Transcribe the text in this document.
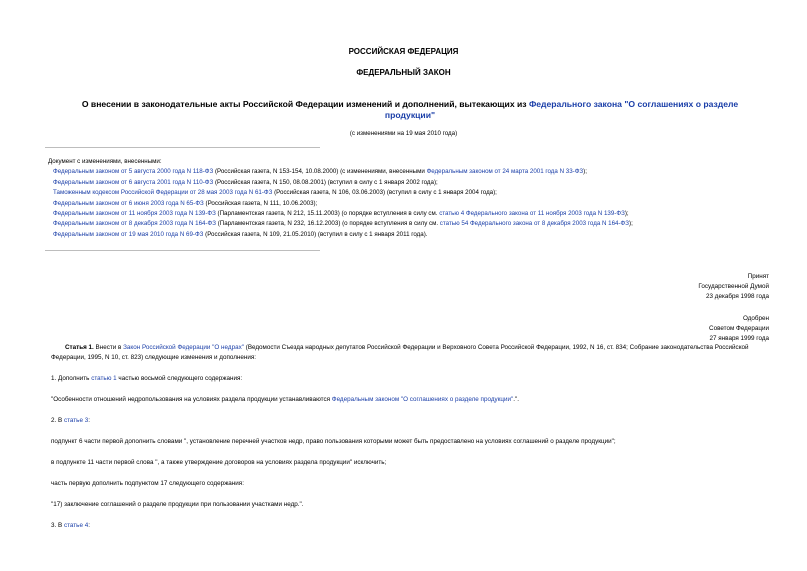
РОССИЙСКАЯ ФЕДЕРАЦИЯ
ФЕДЕРАЛЬНЫЙ ЗАКОН
О внесении в законодательные акты Российской Федерации изменений и дополнений, вытекающих из Федерального закона "О соглашениях о разделе продукции"
(с изменениями на 19 мая 2010 года)
Документ с изменениями, внесенными:
Федеральным законом от 5 августа 2000 года N 118-ФЗ (Российская газета, N 153-154, 10.08.2000) (с изменениями, внесенными Федеральным законом от 24 марта 2001 года N 33-ФЗ);
Федеральным законом от 6 августа 2001 года N 110-ФЗ (Российская газета, N 150, 08.08.2001) (вступил в силу с 1 января 2002 года);
Таможенным кодексом Российской Федерации от 28 мая 2003 года N 61-ФЗ (Российская газета, N 106, 03.06.2003) (вступил в силу с 1 января 2004 года);
Федеральным законом от 6 июня 2003 года N 65-ФЗ (Российская газета, N 111, 10.06.2003);
Федеральным законом от 11 ноября 2003 года N 139-ФЗ (Парламентская газета, N 212, 15.11.2003) (о порядке вступления в силу см. статью 4 Федерального закона от 11 ноября 2003 года N 139-ФЗ);
Федеральным законом от 8 декабря 2003 года N 164-ФЗ (Парламентская газета, N 232, 16.12.2003) (о порядке вступления в силу см. статью 54 Федерального закона от 8 декабря 2003 года N 164-ФЗ);
Федеральным законом от 19 мая 2010 года N 69-ФЗ (Российская газета, N 109, 21.05.2010) (вступил в силу с 1 января 2011 года).
Принят
Государственной Думой
23 декабря 1998 года
Одобрен
Советом Федерации
27 января 1999 года
Статья 1. Внести в Закон Российской Федерации "О недрах" (Ведомости Съезда народных депутатов Российской Федерации и Верховного Совета Российской Федерации, 1992, N 16, ст. 834; Собрание законодательства Российской Федерации, 1995, N 10, ст. 823) следующие изменения и дополнения:
1. Дополнить статью 1 частью восьмой следующего содержания:
"Особенности отношений недропользования на условиях раздела продукции устанавливаются Федеральным законом "О соглашениях о разделе продукции".".
2. В статье 3:
подпункт 6 части первой дополнить словами ", установление перечней участков недр, право пользования которыми может быть предоставлено на условиях соглашений о разделе продукции";
в подпункте 11 части первой слова ", а также утверждение договоров на условиях раздела продукции" исключить;
часть первую дополнить подпунктом 17 следующего содержания:
"17) заключение соглашений о разделе продукции при пользовании участками недр.".
3. В статье 4:
